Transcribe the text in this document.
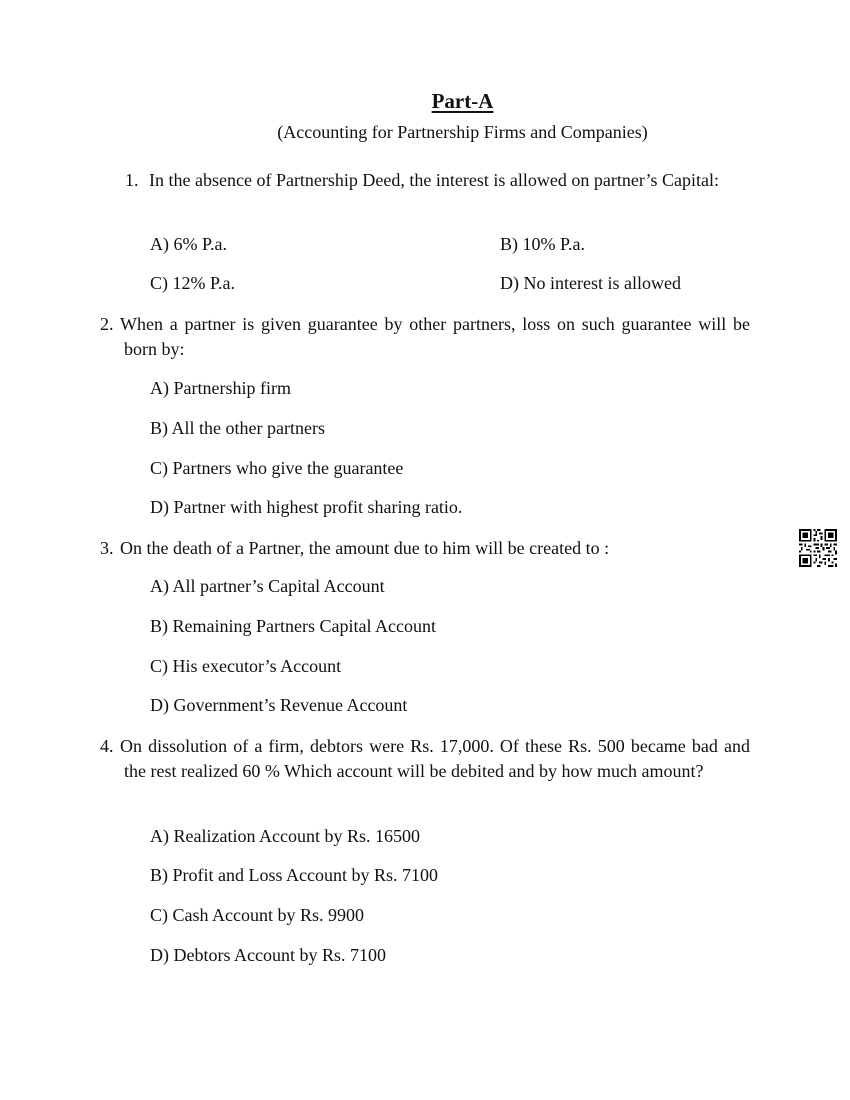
Part-A
(Accounting for Partnership Firms and Companies)
1. In the absence of Partnership Deed, the interest is allowed on partner’s Capital:
A) 6% P.a.	B) 10% P.a.
C) 12% P.a.	D) No interest is allowed
2. When a partner is given guarantee by other partners, loss on such guarantee will be born by:
A) Partnership firm
B) All the other partners
C) Partners who give the guarantee
D) Partner with highest profit sharing ratio.
3. On the death of a Partner, the amount due to him will be created to :
A) All partner’s Capital Account
B) Remaining Partners Capital Account
C) His executor’s Account
D) Government’s Revenue Account
4. On dissolution of a firm, debtors were Rs. 17,000. Of these Rs. 500 became bad and the rest realized 60 % Which account will be debited and by how much amount?
A) Realization Account by Rs. 16500
B) Profit and Loss Account by Rs. 7100
C) Cash Account by Rs. 9900
D) Debtors Account by Rs. 7100
